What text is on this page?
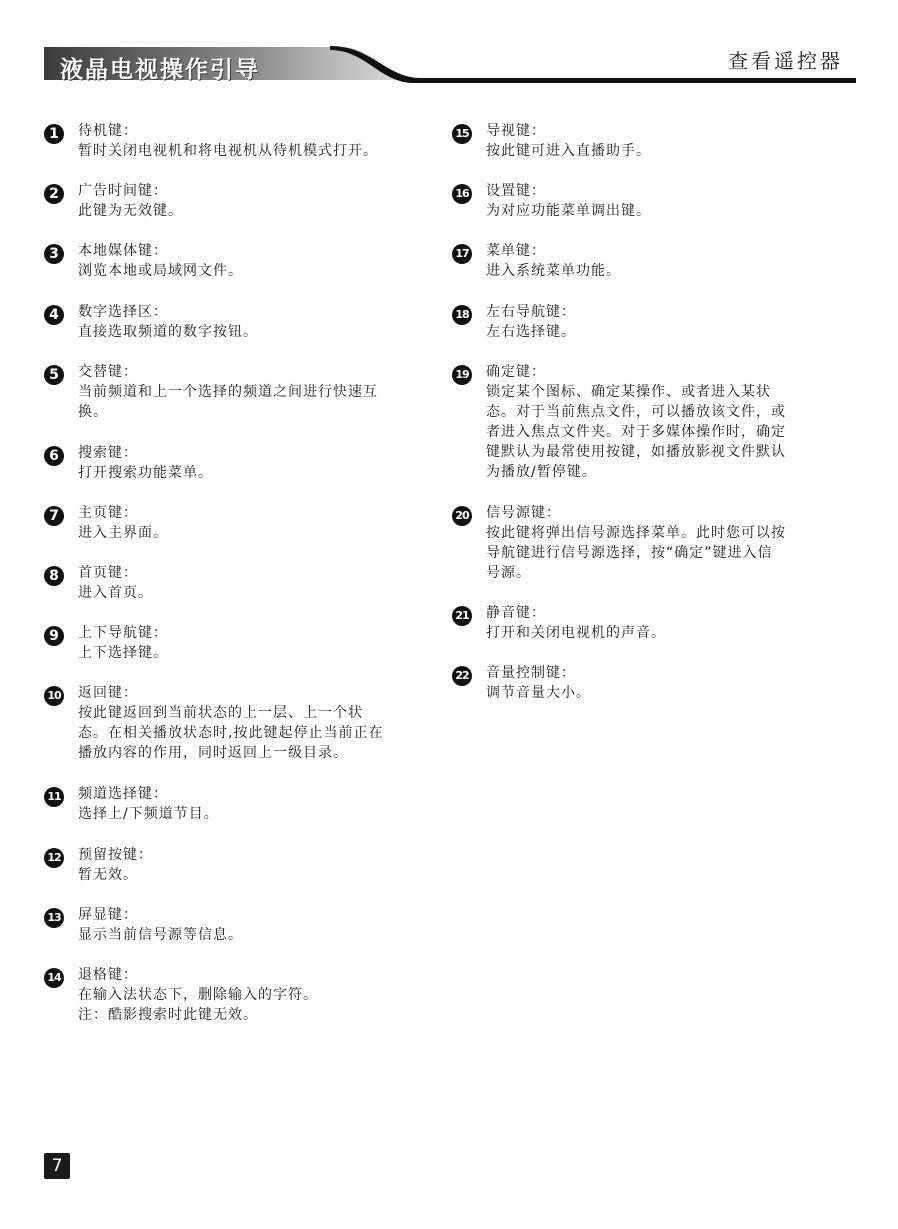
液晶电视操作引导	查看遥控器
1	待机键：
暂时关闭电视机和将电视机从待机模式打开。
2	广告时间键：
此键为无效键。
3	本地媒体键：
浏览本地或局域网文件。
4	数字选择区：
直接选取频道的数字按钮。
5	交替键：
当前频道和上一个选择的频道之间进行快速互
换。
6	搜索键：
打开搜索功能菜单。
7	主页键：
进入主界面。
8	首页键：
进入首页。
9	上下导航键：
上下选择键。
10 返回键：
按此键返回到当前状态的上一层、上一个状
态。在相关播放状态时,按此键起停止当前正在
播放内容的作用，同时返回上一级目录。
11 频道选择键：
选择上/下频道节目。
12 预留按键：
暂无效。
13 屏显键：
显示当前信号源等信息。
14 退格键：
在输入法状态下，删除输入的字符。
注：酷影搜索时此键无效。
15 导视键：
按此键可进入直播助手。
16 设置键：
为对应功能菜单调出键。
17 菜单键：
进入系统菜单功能。
18 左右导航键：
左右选择键。
19 确定键：
锁定某个图标、确定某操作、或者进入某状
态。对于当前焦点文件，可以播放该文件，或
者进入焦点文件夹。对于多媒体操作时，确定
键默认为最常使用按键，如播放影视文件默认
为播放/暂停键。
20 信号源键：
按此键将弹出信号源选择菜单。此时您可以按
导航键进行信号源选择，按“确定”键进入信
号源。
21 静音键：
打开和关闭电视机的声音。
22 音量控制键：
调节音量大小。
7
